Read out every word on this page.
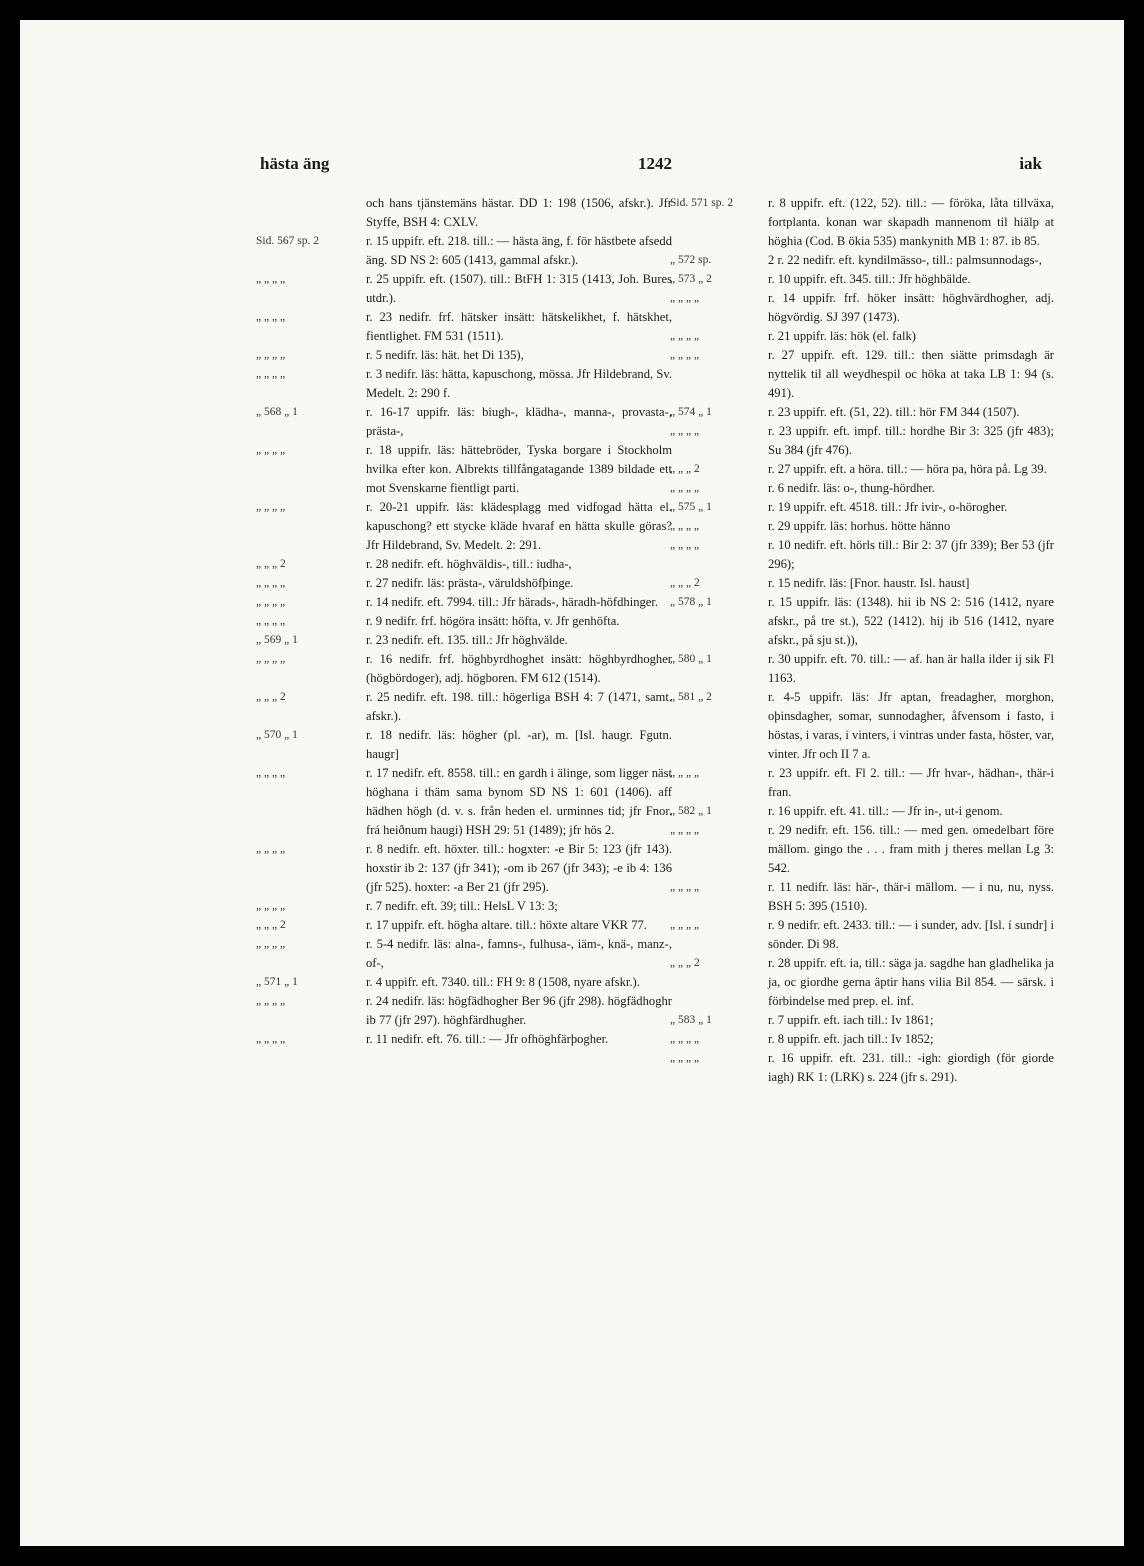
hästa äng	1242	iak
och hans tjänstemäns hästar. DD 1: 198 (1506, afskr.). Jfr Styffe, BSH 4: CXLV.
Sid. 567 sp. 2	r. 15 uppifr. eft. 218. till.: — hästa äng, f. för hästbete afsedd äng. SD NS 2: 605 (1413, gammal afskr.).
„ „ „ „	r. 25 uppifr. eft. (1507). till.: BtFH 1: 315 (1413, Joh. Bures utdr.).
„ „ „ „	r. 23 nedifr. frf. hätsker insätt: hätskelikhet, f. hätskhet, fientlighet. FM 531 (1511).
„ „ „ „	r. 5 nedifr. läs: hät. het Di 135),
„ „ „ „	r. 3 nedifr. läs: hätta, kapuschong, mössa. Jfr Hildebrand, Sv. Medelt. 2: 290 f.
„ 568 „ 1	r. 16-17 uppifr. läs: biugh-, klädha-, manna-, provasta-, prästa-,
„ „ „ „	r. 18 uppifr. läs: hättebröder, Tyska borgare i Stockholm hvilka efter kon. Albrekts tillfångatagande 1389 bildade ett mot Svenskarne fientligt parti.
„ „ „ „	r. 20-21 uppifr. läs: klädesplagg med vidfogad hätta el. kapuschong? ett stycke kläde hvaraf en hätta skulle göras? Jfr Hildebrand, Sv. Medelt. 2: 291.
„ „ „ 2	r. 28 nedifr. eft. höghväldis-, till.: iudha-,
„ „ „ „	r. 27 nedifr. läs: prästa-, väruldshöfþinge.
„ „ „ „	r. 14 nedifr. eft. 7994. till.: Jfr härads-, häradh-höfdhinger.
„ „ „ „	r. 9 nedifr. frf. högöra insätt: höfta, v. Jfr genhöfta.
„ 569 „ 1	r. 23 nedifr. eft. 135. till.: Jfr höghvälde.
„ „ „ „	r. 16 nedifr. frf. höghbyrdhoghet insätt: höghbyrdhogher (högbördoger), adj. högboren. FM 612 (1514).
„ „ „ 2	r. 25 nedifr. eft. 198. till.: högerliga BSH 4: 7 (1471, samt. afskr.).
„ 570 „ 1	r. 18 nedifr. läs: högher (pl. -ar), m. [Isl. haugr. Fgutn. haugr]
„ „ „ „	r. 17 nedifr. eft. 8558. till.: en gardh i älinge, som ligger näst höghana i thäm sama bynom SD NS 1: 601 (1406). aff hädhen högh (d. v. s. från heden el. urminnes tid; jfr Fnor. frá heiðnum haugi) HSH 29: 51 (1489); jfr hös 2.
„ „ „ „	r. 8 nedifr. eft. höxter. till.: hogxter: -e Bir 5: 123 (jfr 143). hoxstir ib 2: 137 (jfr 341); -om ib 267 (jfr 343); -e ib 4: 136 (jfr 525). hoxter: -a Ber 21 (jfr 295).
„ „ „ „	r. 7 nedifr. eft. 39; till.: HelsL V 13: 3;
„ „ „ 2	r. 17 uppifr. eft. högha altare. till.: höxte altare VKR 77.
„ „ „ „	r. 5-4 nedifr. läs: alna-, famns-, fulhusa-, iäm-, knä-, manz-, of-,
„ 571 „ 1	r. 4 uppifr. eft. 7340. till.: FH 9: 8 (1508, nyare afskr.).
„ „ „ „	r. 24 nedifr. läs: högfädhogher Ber 96 (jfr 298). högfädhoghr ib 77 (jfr 297). höghfärdhugher.
„ „ „ „	r. 11 nedifr. eft. 76. till.: — Jfr ofhöghfärþogher.
Sid. 571 sp. 2	r. 8 uppifr. eft. (122, 52). till.: — föröka, låta tillväxa, fortplanta. konan war skapadh mannenom til hiälp at höghia (Cod. B ökia 535) mankynith MB 1: 87. ib 85.
„ 572 sp.	2 r. 22 nedifr. eft. kyndilmässo-, till.: palmsunnodags-,
„ 573 „ 2	r. 10 uppifr. eft. 345. till.: Jfr höghbälde.
„ „ „ „	r. 14 uppifr. frf. höker insätt: höghvärdhogher, adj. högvördig. SJ 397 (1473).
„ „ „ „	r. 21 uppifr. läs: hök (el. falk)
„ „ „ „	r. 27 uppifr. eft. 129. till.: then siätte primsdagh är nyttelik til all weydhespil oc höka at taka LB 1: 94 (s. 491).
„ 574 „ 1	r. 23 uppifr. eft. (51, 22). till.: hör FM 344 (1507).
„ „ „ „	r. 23 uppifr. eft. impf. till.: hordhe Bir 3: 325 (jfr 483); Su 384 (jfr 476).
„ „ „ 2	r. 27 uppifr. eft. a höra. till.: — höra pa, höra på. Lg 39.
„ „ „ „	r. 6 nedifr. läs: o-, thung-hördher.
„ 575 „ 1	r. 19 uppifr. eft. 4518. till.: Jfr ivir-, o-hörogher.
„ „ „ „	r. 29 uppifr. läs: horhus. hötte hänno
„ „ „ „	r. 10 nedifr. eft. hörls till.: Bir 2: 37 (jfr 339); Ber 53 (jfr 296);
„ „ „ 2	r. 15 nedifr. läs: [Fnor. haustr. Isl. haust]
„ 578 „ 1	r. 15 uppifr. läs: (1348). hii ib NS 2: 516 (1412, nyare afskr., på tre st.), 522 (1412). hij ib 516 (1412, nyare afskr., på sju st.)),
„ 580 „ 1	r. 30 uppifr. eft. 70. till.: — af. han är halla ilder ij sik Fl 1163.
„ 581 „ 2	r. 4-5 uppifr. läs: Jfr aptan, freadagher, morghon, oþinsdagher, somar, sunnodagher, åfvensom i fasto, i höstas, i varas, i vinters, i vintras under fasta, höster, var, vinter. Jfr och II 7 a.
„ „ „ „	r. 23 uppifr. eft. Fl 2. till.: — Jfr hvar-, hädhan-, thär-i fran.
„ 582 „ 1	r. 16 uppifr. eft. 41. till.: — Jfr in-, ut-i genom.
„ „ „ „	r. 29 nedifr. eft. 156. till.: — med gen. omedelbart före mällom. gingo the . . . fram mith j theres mellan Lg 3: 542.
„ „ „ „	r. 11 nedifr. läs: här-, thär-i mällom. — i nu, nu, nyss. BSH 5: 395 (1510).
„ „ „ „	r. 9 nedifr. eft. 2433. till.: — i sunder, adv. [Isl. í sundr] i sönder. Di 98.
„ „ „ 2	r. 28 uppifr. eft. ia, till.: säga ja. sagdhe han gladhelika ja ja, oc giordhe gerna äptir hans vilia Bil 854. — särsk. i förbindelse med prep. el. inf.
„ 583 „ 1	r. 7 uppifr. eft. iach till.: Iv 1861;
„ „ „ „	r. 8 uppifr. eft. jach till.: Iv 1852;
„ „ „ „	r. 16 uppifr. eft. 231. till.: -igh: giordigh (för giorde iagh) RK 1: (LRK) s. 224 (jfr s. 291).
